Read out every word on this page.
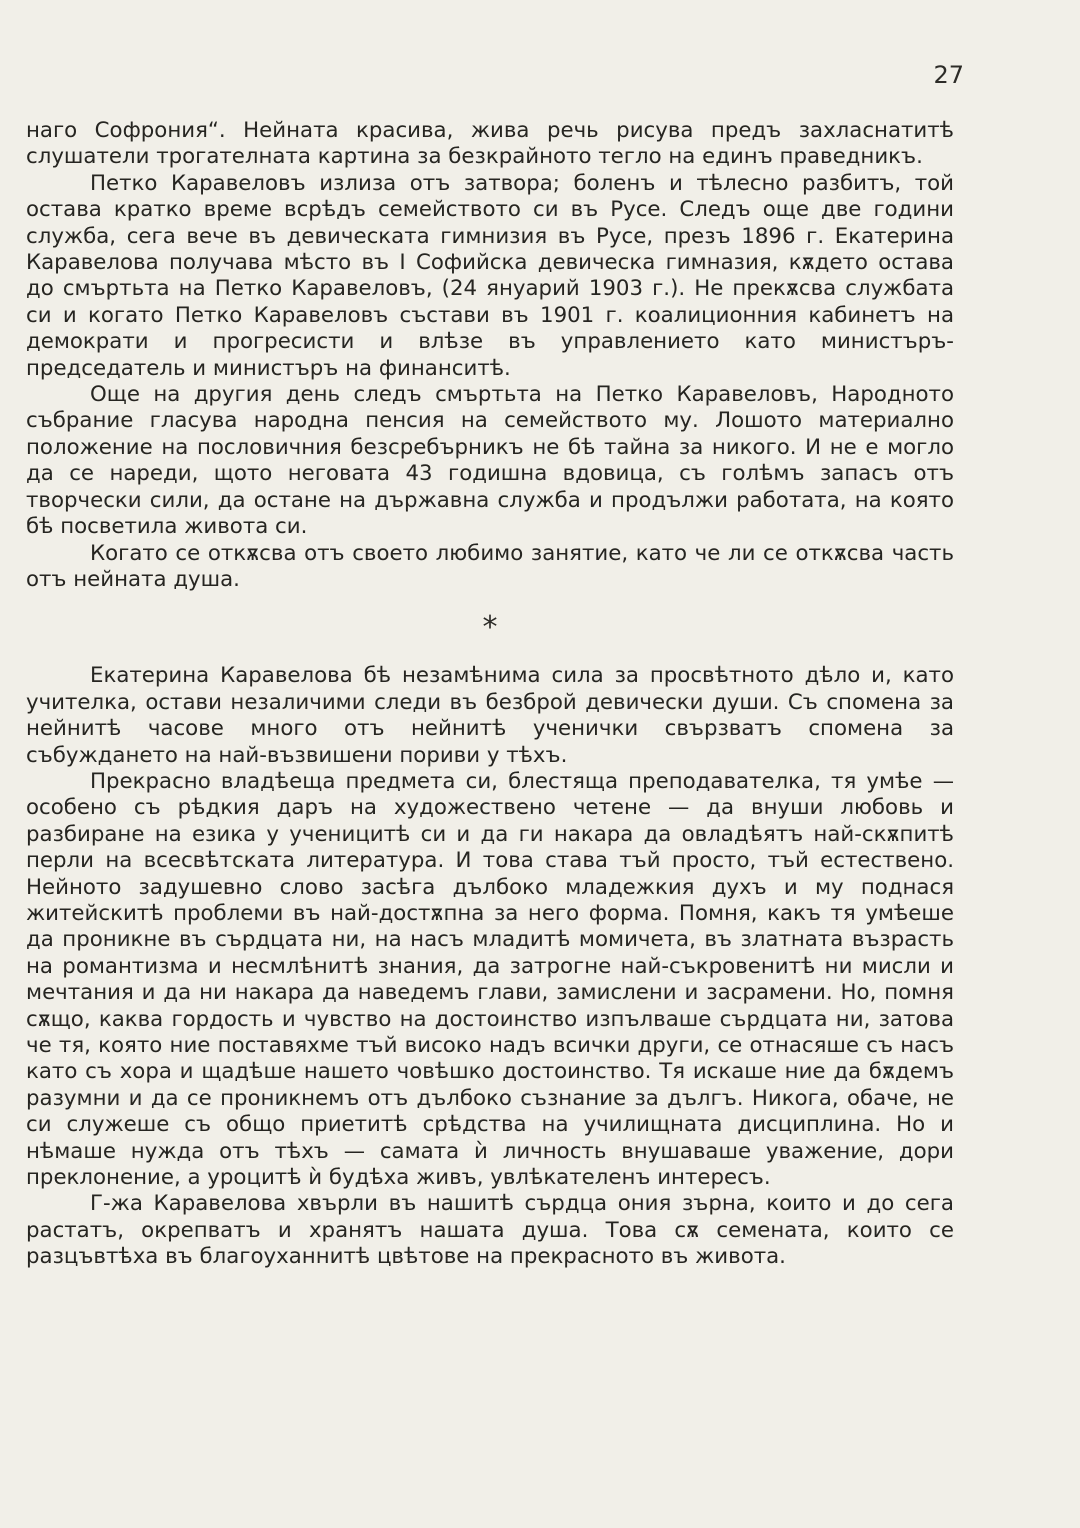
27

наго Софрония“. Нейната красива, жива речь рисува предъ захласнатитѣ слушатели трогателната картина за безкрайното тегло на единъ праведникъ.

Петко Каравеловъ излиза отъ затвора; боленъ и тѣлесно разбитъ, той остава кратко време всрѣдъ семейството си въ Русе. Следъ още две години служба, сега вече въ девическата гимнизия въ Русе, презъ 1896 г. Екатерина Каравелова получава мѣсто въ I Софийска девическа гимназия, кѫдето остава до смъртьта на Петко Каравеловъ, (24 януарий 1903 г.). Не прекѫсва службата си и когато Петко Каравеловъ състави въ 1901 г. коалиционния кабинетъ на демократи и прогресисти и влѣзе въ управлението като министъръ-председатель и министъръ на финанситѣ.

Още на другия день следъ смъртьта на Петко Каравеловъ, Народното събрание гласува народна пенсия на семейството му. Лошото материално положение на пословичния безсребърникъ не бѣ тайна за никого. И не е могло да се нареди, щото неговата 43 годишна вдовица, съ голѣмъ запасъ отъ творчески сили, да остане на държавна служба и продължи работата, на която бѣ посветила живота си.

Когато се откѫсва отъ своето любимо занятие, като че ли се откѫсва часть отъ нейната душа.

*

Екатерина Каравелова бѣ незамѣнима сила за просвѣтното дѣло и, като учителка, остави незаличими следи въ безброй девически души. Съ спомена за нейнитѣ часове много отъ нейнитѣ ученички свързватъ спомена за събуждането на най-възвишени пориви у тѣхъ.

Прекрасно владѣеща предмета си, блестяща преподавателка, тя умѣе — особено съ рѣдкия даръ на художествено четене — да внуши любовь и разбиране на езика у ученицитѣ си и да ги накара да овладѣятъ най-скѫпитѣ перли на всесвѣтската литература. И това става тъй просто, тъй естествено. Нейното задушевно слово засѣга дълбоко младежкия духъ и му поднася житейскитѣ проблеми въ най-достѫпна за него форма. Помня, какъ тя умѣеше да проникне въ сърдцата ни, на насъ младитѣ момичета, въ златната възрасть на романтизма и несмлѣнитѣ знания, да затрогне най-съкровенитѣ ни мисли и мечтания и да ни накара да наведемъ глави, замислени и засрамени. Но, помня сѫщо, каква гордость и чувство на достоинство изпълваше сърдцата ни, затова че тя, която ние поставяхме тъй високо надъ всички други, се отнасяше съ насъ като съ хора и щадѣше нашето човѣшко достоинство. Тя искаше ние да бѫдемъ разумни и да се проникнемъ отъ дълбоко съзнание за дългъ. Никога, обаче, не си служеше съ общо приетитѣ срѣдства на училищната дисциплина. Но и нѣмаше нужда отъ тѣхъ — самата ѝ личность внушаваше уважение, дори преклонение, а уроцитѣ ѝ будѣха живъ, увлѣкателенъ интересъ.

Г-жа Каравелова хвърли въ нашитѣ сърдца ония зърна, които и до сега растатъ, окрепватъ и хранятъ нашата душа. Това сѫ семената, които се разцъвтѣха въ благоуханнитѣ цвѣтове на прекрасното въ живота.
